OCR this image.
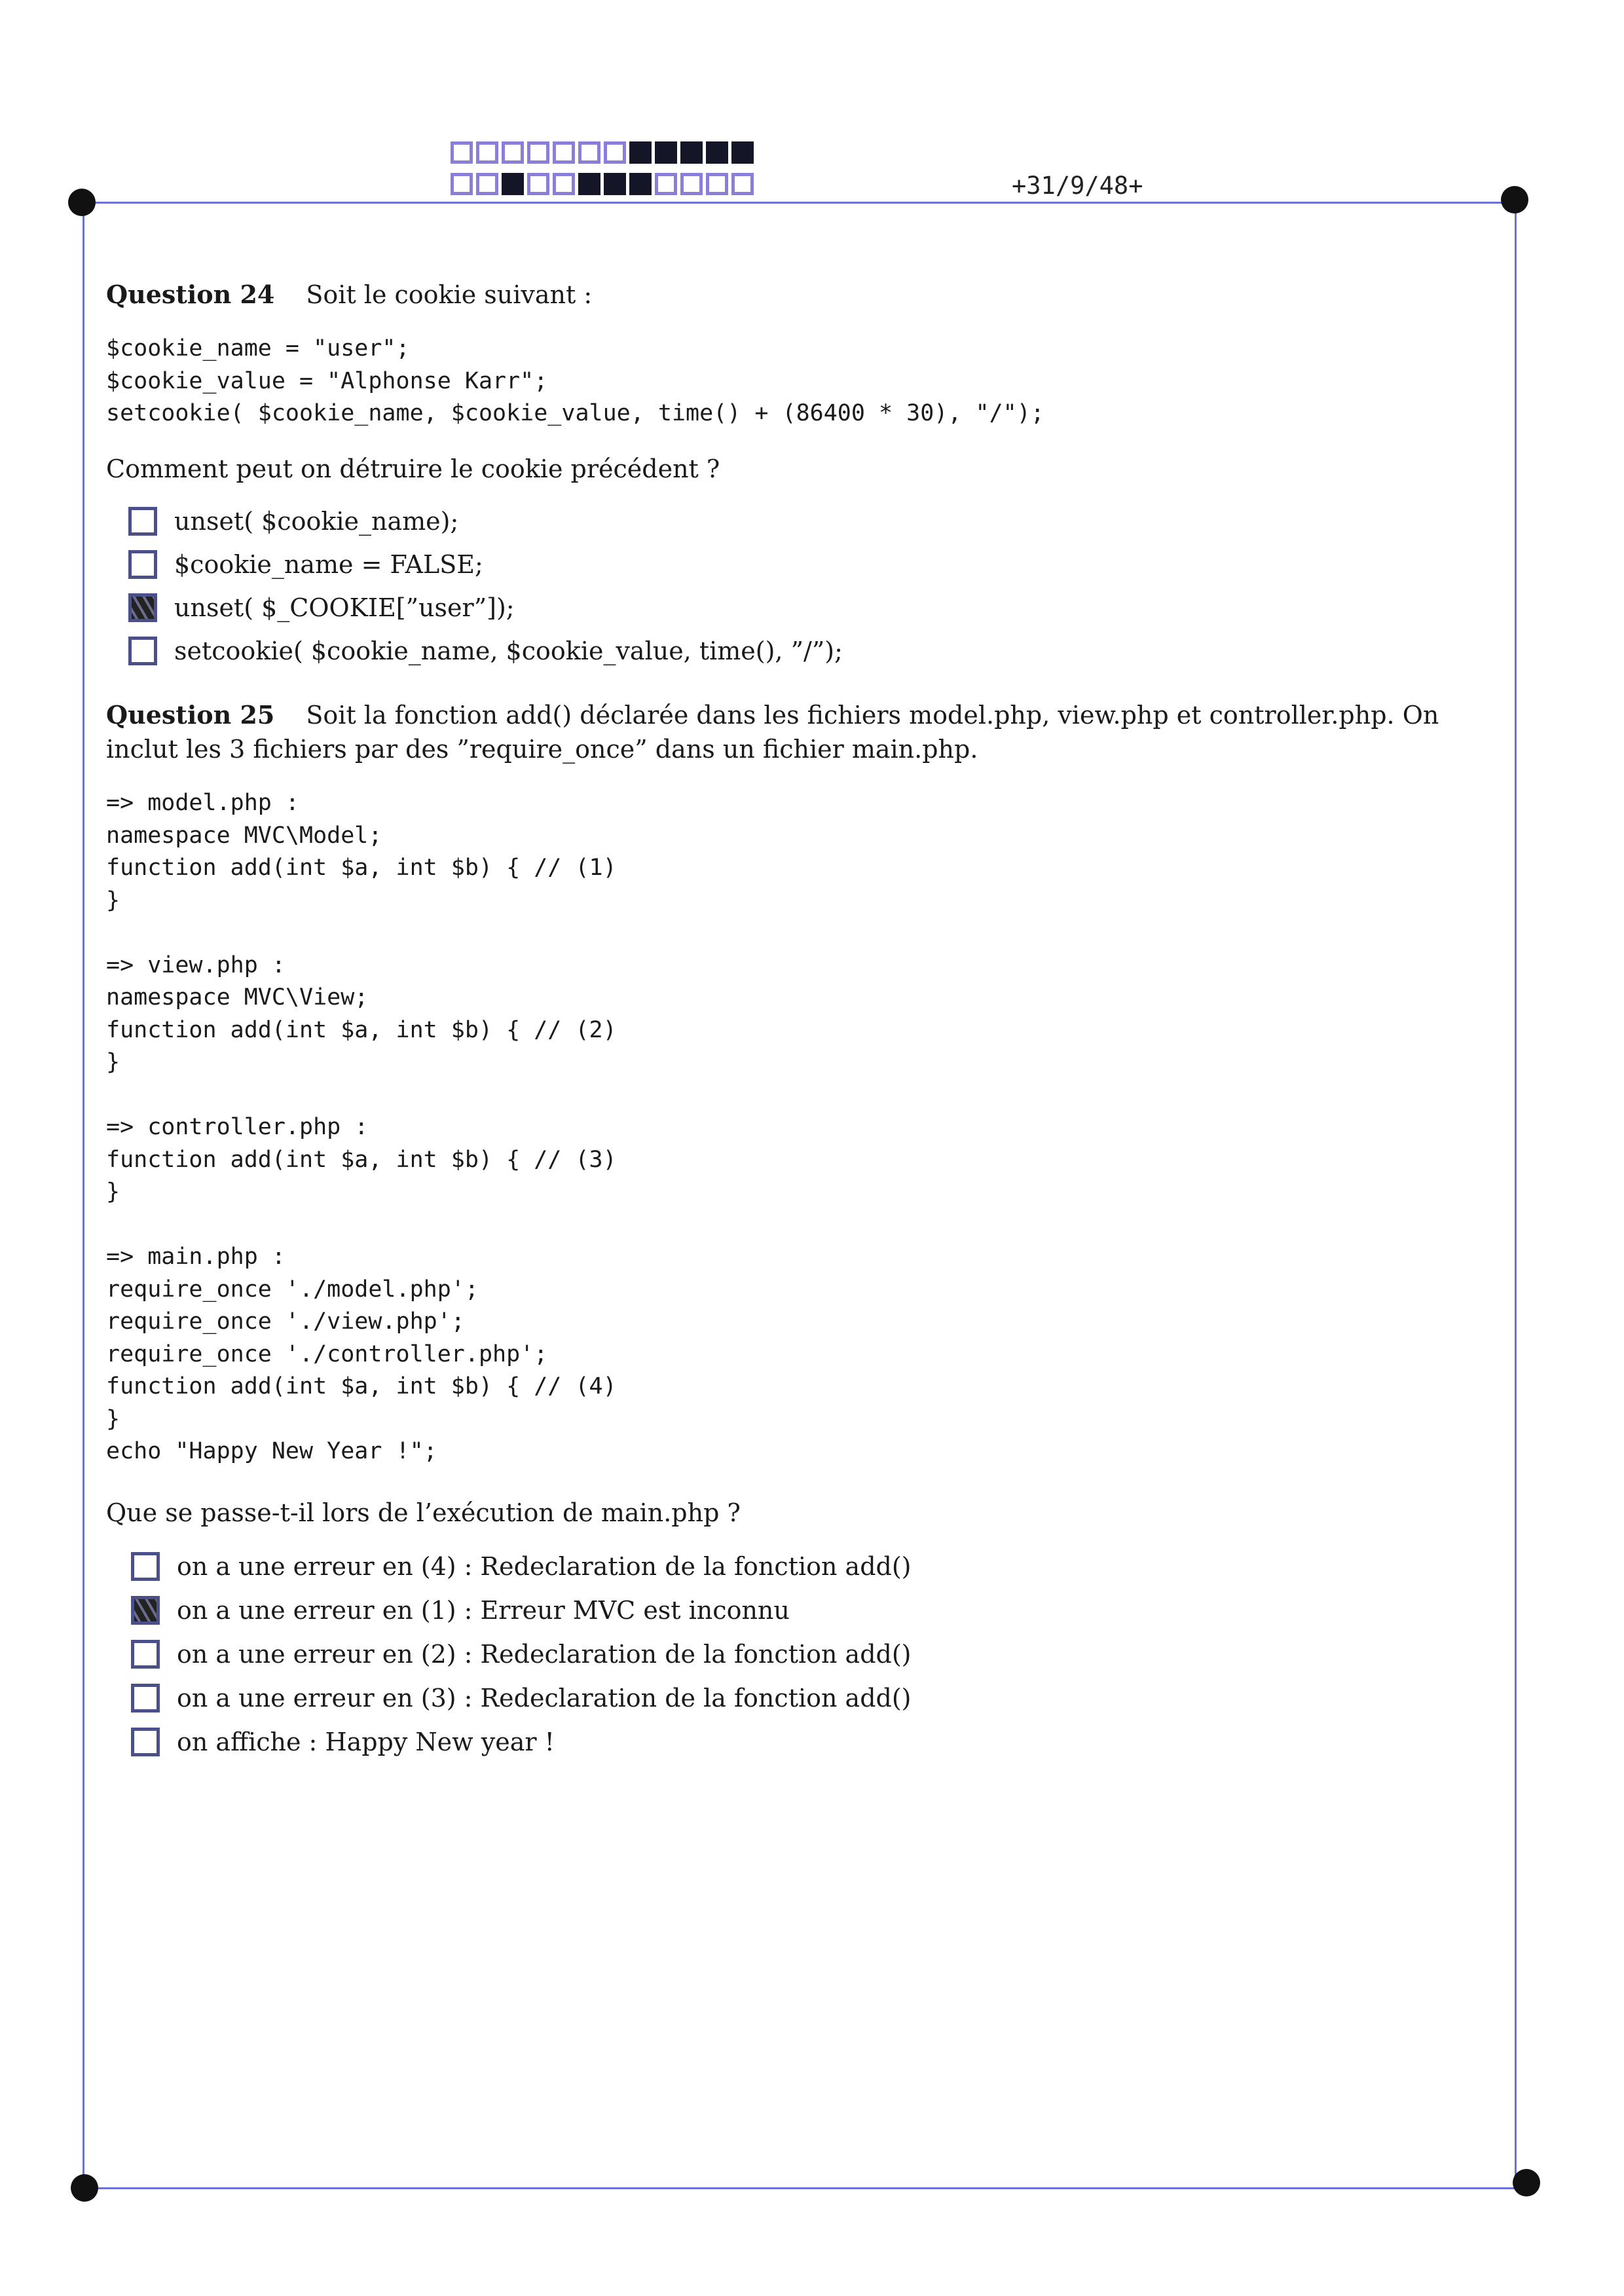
+31/9/48+
Question 24 Soit le cookie suivant :
$cookie_name = "user";
$cookie_value = "Alphonse Karr";
setcookie( $cookie_name, $cookie_value, time() + (86400 * 30), "/");
Comment peut on détruire le cookie précédent ?
unset( $cookie_name);
$cookie_name = FALSE;
unset( $_COOKIE[”user”]);
setcookie( $cookie_name, $cookie_value, time(), ”/”);
Question 25 Soit la fonction add() déclarée dans les fichiers model.php, view.php et controller.php. On inclut les 3 fichiers par des ”require_once” dans un fichier main.php.
=> model.php :
namespace MVC\Model;
function add(int $a, int $b) { // (1)
}

=> view.php :
namespace MVC\View;
function add(int $a, int $b) { // (2)
}

=> controller.php :
function add(int $a, int $b) { // (3)
}

=> main.php :
require_once './model.php';
require_once './view.php';
require_once './controller.php';
function add(int $a, int $b) { // (4)
}
echo "Happy New Year !";
Que se passe-t-il lors de l’exécution de main.php ?
on a une erreur en (4) : Redeclaration de la fonction add()
on a une erreur en (1) : Erreur MVC est inconnu
on a une erreur en (2) : Redeclaration de la fonction add()
on a une erreur en (3) : Redeclaration de la fonction add()
on affiche : Happy New year !
